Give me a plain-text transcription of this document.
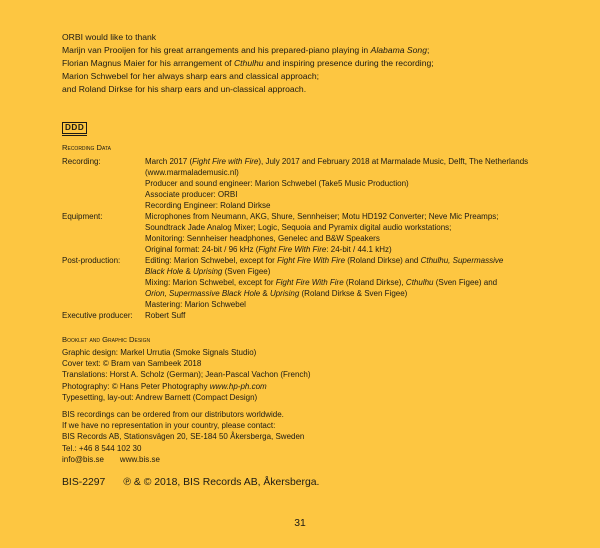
ORBI would like to thank

Marijn van Prooijen for his great arrangements and his prepared-piano playing in Alabama Song;

Florian Magnus Maier for his arrangement of Cthulhu and inspiring presence during the recording;

Marion Schwebel for her always sharp ears and classical approach;

and Roland Dirkse for his sharp ears and un-classical approach.

DDD
Recording Data
Recording:	March 2017 (Fight Fire with Fire), July 2017 and February 2018 at Marmalade Music, Delft, The Netherlands
(www.marmalademusic.nl)
Producer and sound engineer: Marion Schwebel (Take5 Music Production)
Associate producer: ORBI
Recording Engineer: Roland Dirkse

Equipment:	Microphones from Neumann, AKG, Shure, Sennheiser; Motu HD192 Converter; Neve Mic Preamps;
Soundtrack Jade Analog Mixer; Logic, Sequoia and Pyramix digital audio workstations;
Monitoring: Sennheiser headphones, Genelec and B&W Speakers
Original format: 24-bit / 96 kHz (Fight Fire With Fire: 24-bit / 44.1 kHz)

Post-production:	Editing: Marion Schwebel, except for Fight Fire With Fire (Roland Dirkse) and Cthulhu, Supermassive
Black Hole & Uprising (Sven Figee)
Mixing: Marion Schwebel, except for Fight Fire With Fire (Roland Dirkse), Cthulhu (Sven Figee) and
Orion, Supermassive Black Hole & Uprising (Roland Dirkse & Sven Figee)
Mastering: Marion Schwebel

Executive producer:	Robert Suff
Booklet and Graphic Design
Graphic design: Markel Urrutia (Smoke Signals Studio)
Cover text: © Bram van Sambeek 2018
Translations: Horst A. Scholz (German); Jean-Pascal Vachon (French)
Photography: © Hans Peter Photography www.hp-ph.com
Typesetting, lay-out: Andrew Barnett (Compact Design)
BIS recordings can be ordered from our distributors worldwide.
If we have no representation in your country, please contact:
BIS Records AB, Stationsvägen 20, SE-184 50 Åkersberga, Sweden
Tel.: +46 8 544 102 30
info@bis.se www.bis.se
BIS-2297 ℗ & © 2018, BIS Records AB, Åkersberga.
31
